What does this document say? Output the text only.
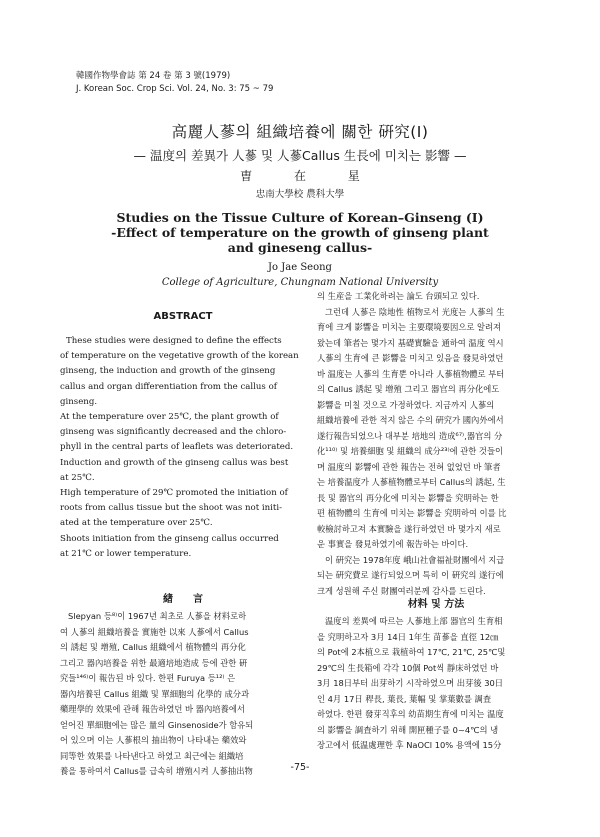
韓國作物學會誌 第 24 卷 第 3 號(1979)
J. Korean Soc. Crop Sci. Vol. 24, No. 3: 75 ~ 79
高麗人蔘의 組織培養에 關한 硏究(Ⅰ)
— 温度의 差異가 人蔘 및 人蔘Callus 生長에 미치는 影響 —
曺 在 星
忠南大學校 農科大學
Studies on the Tissue Culture of Korean–Ginseng (Ⅰ)
-Effect of temperature on the growth of ginseng plant
and gineseng callus-
Jo Jae Seong
College of Agriculture, Chungnam National University
ABSTRACT
These studies were designed to define the effects
of temperature on the vegetative growth of the korean
ginseng, the induction and growth of the ginseng
callus and organ differentiation from the callus of
ginseng.
At the temperature over 25℃, the plant growth of
ginseng was significantly decreased and the chloro-
phyll in the central parts of leaflets was deteriorated.
Induction and growth of the ginseng callus was best
at 25℃.
High temperature of 29℃ promoted the initiation of
roots from callus tissue but the shoot was not initi-
ated at the temperature over 25℃.
Shoots initiation from the ginseng callus occurred
at 21℃ or lower temperature.
緖　　言
Slepyan 등⁸⁾이 1967년 최초로 人蔘을 材料로하
여 人蔘의 組織培養을 實施한 以來 人蔘에서 Callus
의 誘起 및 增殖, Callus 組織에서 植物體의 再分化
그리고 器內培養을 위한 最適培地造成 등에 관한 硏
究들¹⁴⁶⁾이 報告된 바 있다. 한편 Furuya 등¹²⁾ 은
器內培養된 Callus 組織 및 單細胞의 化學的 成分과
藥理學的 效果에 관해 報告하였던 바 器內培養에서
얻어진 單細胞에는 많은 量의 Ginsenoside가 함유되
어 있으며 이는 人蔘根의 抽出物이 나타내는 藥效와
同等한 效果를 나타낸다고 하였고 최근에는 組織培
養을 통하여서 Callus를 급속히 增殖시켜 人蔘抽出物
의 生産을 工業化하려는 論도 台頭되고 있다.
그런데 人蔘은 陰地性 植物로서 光度는 人蔘의 生
育에 크게 影響을 미치는 主要環境要因으로 알려져
왔는데 筆者는 몇가지 基礎實驗을 通하여 温度 역시
人蔘의 生育에 큰 影響을 미치고 있음을 發見하였던
바 温度는 人蔘의 生育뿐 아니라 人蔘植物體로 부터
의 Callus 誘起 및 增殖 그리고 器官의 再分化에도
影響을 미칠 것으로 가정하였다. 지금까지 人蔘의
組織培養에 관한 적지 않은 수의 硏究가 國內外에서
遂行報告되었으나 대부분 培地의 造成⁶⁷⁾,器官의 分
化¹¹⁰⁾ 및 培養細胞 및 組織의 成分²³⁾에 관한 것들이
며 温度의 影響에 관한 報告는 전혀 없었던 바 筆者
는 培養温度가 人蔘植物體로부터 Callus의 誘起, 生
長 및 器官의 再分化에 미치는 影響을 究明하는 한
편 植物體의 生育에 미치는 影響을 究明하여 이를 比
較檢討하고져 本實驗을 遂行하였던 바 몇가지 새로
운 事實을 發見하였기에 報告하는 바이다.
이 硏究는 1978年度 峨山社會福祉財團에서 지급
되는 硏究費로 遂行되었으며 특히 이 硏究의 遂行에
크게 성원해 주신 財團여러분께 감사를 드린다.
材料 및 方法
温度의 差異에 따르는 人蔘地上部 器官의 生育相
을 究明하고자 3月 14日 1年生 苗蔘을 直徑 12㎝
의 Pot에 2本植으로 栽植하여 17℃, 21℃, 25℃및
29℃의 生長箱에 각각 10個 Pot씩 靜床하였던 바
3月 18日부터 出芽하기 시작하였으며 出芽後 30日
인 4月 17日 稈長, 葉長, 葉幅 및 掌葉數를 調査
하였다. 한편 發芽직후의 幼苗期生育에 미치는 温度
의 影響을 調査하기 위해 開匣種子를 0~4℃의 냉
장고에서 低温處理한 후 NaOCl 10% 용액에 15分
-75-
